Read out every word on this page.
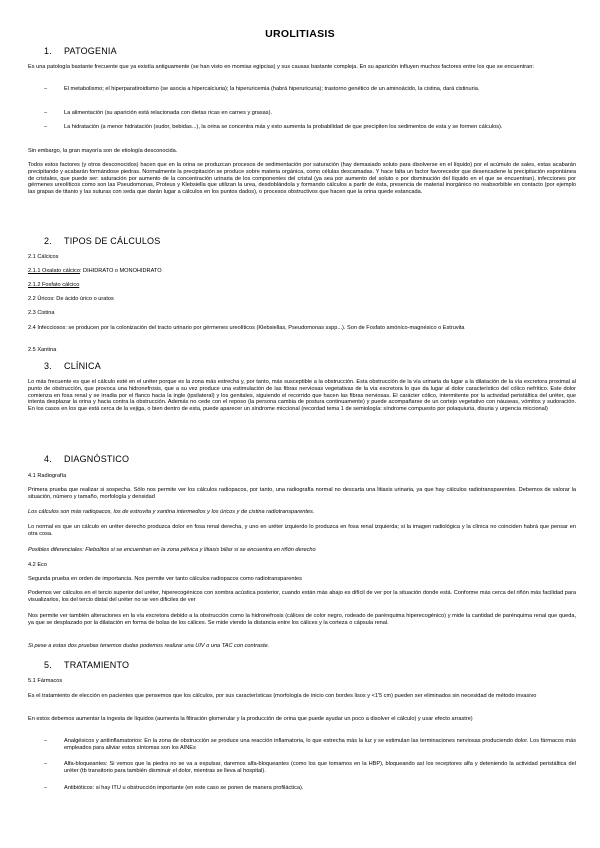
UROLITIASIS
1. PATOGENIA
Es una patología bastante frecuente que ya existía antiguamente (se han visto en momias egipcias) y sus causas bastante compleja. En su aparición influyen muchos factores entre los que se encuentran:
– El metabolismo; el hiperparatiroidismo (se asocia a hipercalciuria); la hiperuricemia (habrá hiperuricuria); trastorno genético de un aminoácido, la cistina, dará cistinuria.
– La alimentación (su aparición está relacionada con dietas ricas en carnes y grasas).
– La hidratación (a menor hidratación (sudor, bebidas...), la orina se concentra más y esto aumenta la probabilidad de que precipiten los sedimentos de esta y se formen cálculos).
Sin embargo, la gran mayoría son de etiología desconocida.
Todos estos factores (y otros desconocidos) hacen que en la orina se produzcan procesos de sedimentación por saturación (hay demasiado soluto para disolverse en el líquido) por el acúmulo de sales, estas acabarán precipitando y acabarán formándose piedras. Normalmente la precipitación se produce sobre materia orgánica, como células descamadas. Y hace falta un factor favorecedor que desencadene la precipitación espontánea de cristales, que puede ser: saturación por aumento de la concentración urinaria de los componentes del cristal (ya sea por aumento del soluto o por disminución del líquido en el que se encuentran), infecciones por gérmenes ureolíticos como son las Pseudomonas, Proteus y Klebsiella que utilizan la urea, desdoblándola y formando cálculos a partir de ésta, presencia de material inorgánico no reabsorbible en contacto (por ejemplo las grapas de titanio y las suturas con seda que darán lugar a cálculos en los puntos dados), o procesos obstructivos que hacen que la orina quede estancada.
2. TIPOS DE CÁLCULOS
2.1 Cálcicos
2.1.1 Oxalato cálcico: DIHIDRATO o MONOHIDRATO
2.1.2 Fosfato cálcico
2.2 Úricos: De ácido úrico o uratos
2.3 Cistina
2.4 Infecciosos: se producen por la colonización del tracto urinario por gérmenes ureolíticos (Klebsiellas, Pseudomonas sspp...). Son de Fosfato amónico-magnésico o Estruvita
2.5 Xantina
3. CLÍNICA
Lo más frecuente es que el cálculo esté en el uréter porque es la zona más estrecha y, por tanto, más susceptible a la obstrucción. Esta obstrucción de la vía urinaria da lugar a la dilatación de la vía excretora proximal al punto de obstrucción, que provoca una hidronefrosis, que a su vez produce una estimulación de las fibras nerviosas vegetativas de la vía excretora lo que da lugar al dolor característico del cólico nefrítico. Este dolor comienza en fosa renal y se irradia por el flanco hacia la ingle (ipsilateral) y los genitales, siguiendo el recorrido que hacen las fibras nerviosas. El carácter cólico, intermitente por la actividad peristáltica del uréter, que intenta desplazar la orina y hacia contra la obstrucción. Además no cede con el reposo (la persona cambia de postura continuamente) y puede acompañarse de un cortejo vegetativo con náuseas, vómitos y sudoración. En los casos en los que está cerca de la vejiga, o bien dentro de esta, puede aparecer un síndrome miccional (recordad tema 1 de semiología: síndrome compuesto por polaquiuria, disuria y urgencia miccional)
4. DIAGNÓSTICO
4.1 Radiografía
Primera prueba que realizar si sospecha. Sólo nos permite ver los cálculos radiopacos, por tanto, una radiografía normal no descarta una litiasis urinaria, ya que hay cálculos radiotransparentes. Debemos de valorar la situación, número y tamaño, morfología y densidad
Los cálculos son más radiopacos, los de estruvita y xantina intermedios y los úricos y de cistina radiotransparentes.
Lo normal es que un cálculo en uréter derecho produzca dolor en fosa renal derecha, y uno en uréter izquierdo lo produzca en fosa renal izquierda; si la imagen radiológica y la clínica no coinciden habrá que pensar en otra cosa.
Posibles diferenciales: Flebolitos si se encuentran en la zona pélvica y litiasis biliar si se encuentra en riñón derecho
4.2 Eco
Segunda prueba en orden de importancia. Nos permite ver tanto cálculos radiopacos como radiotransparentes
Podemos ver cálculos en el tercio superior del uréter, hiperecogénicos con sombra acústica posterior, cuando están más abajo es difícil de ver por la situación donde está. Conforme más cerca del riñón más facilidad para visualizarlos, los del tercio distal del uréter no se ven dificiles de ver
Nos permite ver también alteraciones en la vía excretora debido a la obstrucción como la hidronefrosis (cálices de color negro, rodeado de parénquima hiperecogénico) y mide la cantidad de parénquima renal que queda, ya que se desplazado por la dilatación en forma de bolas de los cálices. Se mide viendo la distancia entre los cálices y la corteza o cápsula renal.
Si pese a estas dos pruebas tenemos dudas podemos realizar una UIV o una TAC con contraste.
5. TRATAMIENTO
5.1 Fármacos
Es el tratamiento de elección en pacientes que pensemos que los cálculos, por sus características (morfología de inicio con bordes lisos y <1'5 cm) pueden ser eliminados sin necesidad de método invasivo
En estos debemos aumentar la ingesta de líquidos (aumenta la filtración glomerular y la producción de orina que puede ayudar un poco a disolver el cálculo) y usar efecto arrastre)
– Analgésicos y antiinflamatorios: En la zona de obstrucción se produce una reacción inflamatoria, lo que estrecha más la luz y se estimulan las terminaciones nerviosas produciendo dolor. Los fármacos más empleados para aliviar estos síntomas son los AINEs
– Alfa-bloqueantes: Si vemos que la piedra no se va a expulsar, daremos alfa-bloqueantes (como los que tomamos en la HBP), bloqueando así los receptores alfa y deteniendo la actividad peristáltica del uréter (tb transitorio para también disminuir el dolor, mientras se lleva al hospital).
– Antibióticos: si hay ITU u obstrucción importante (en este caso se ponen de manera profiláctica).
